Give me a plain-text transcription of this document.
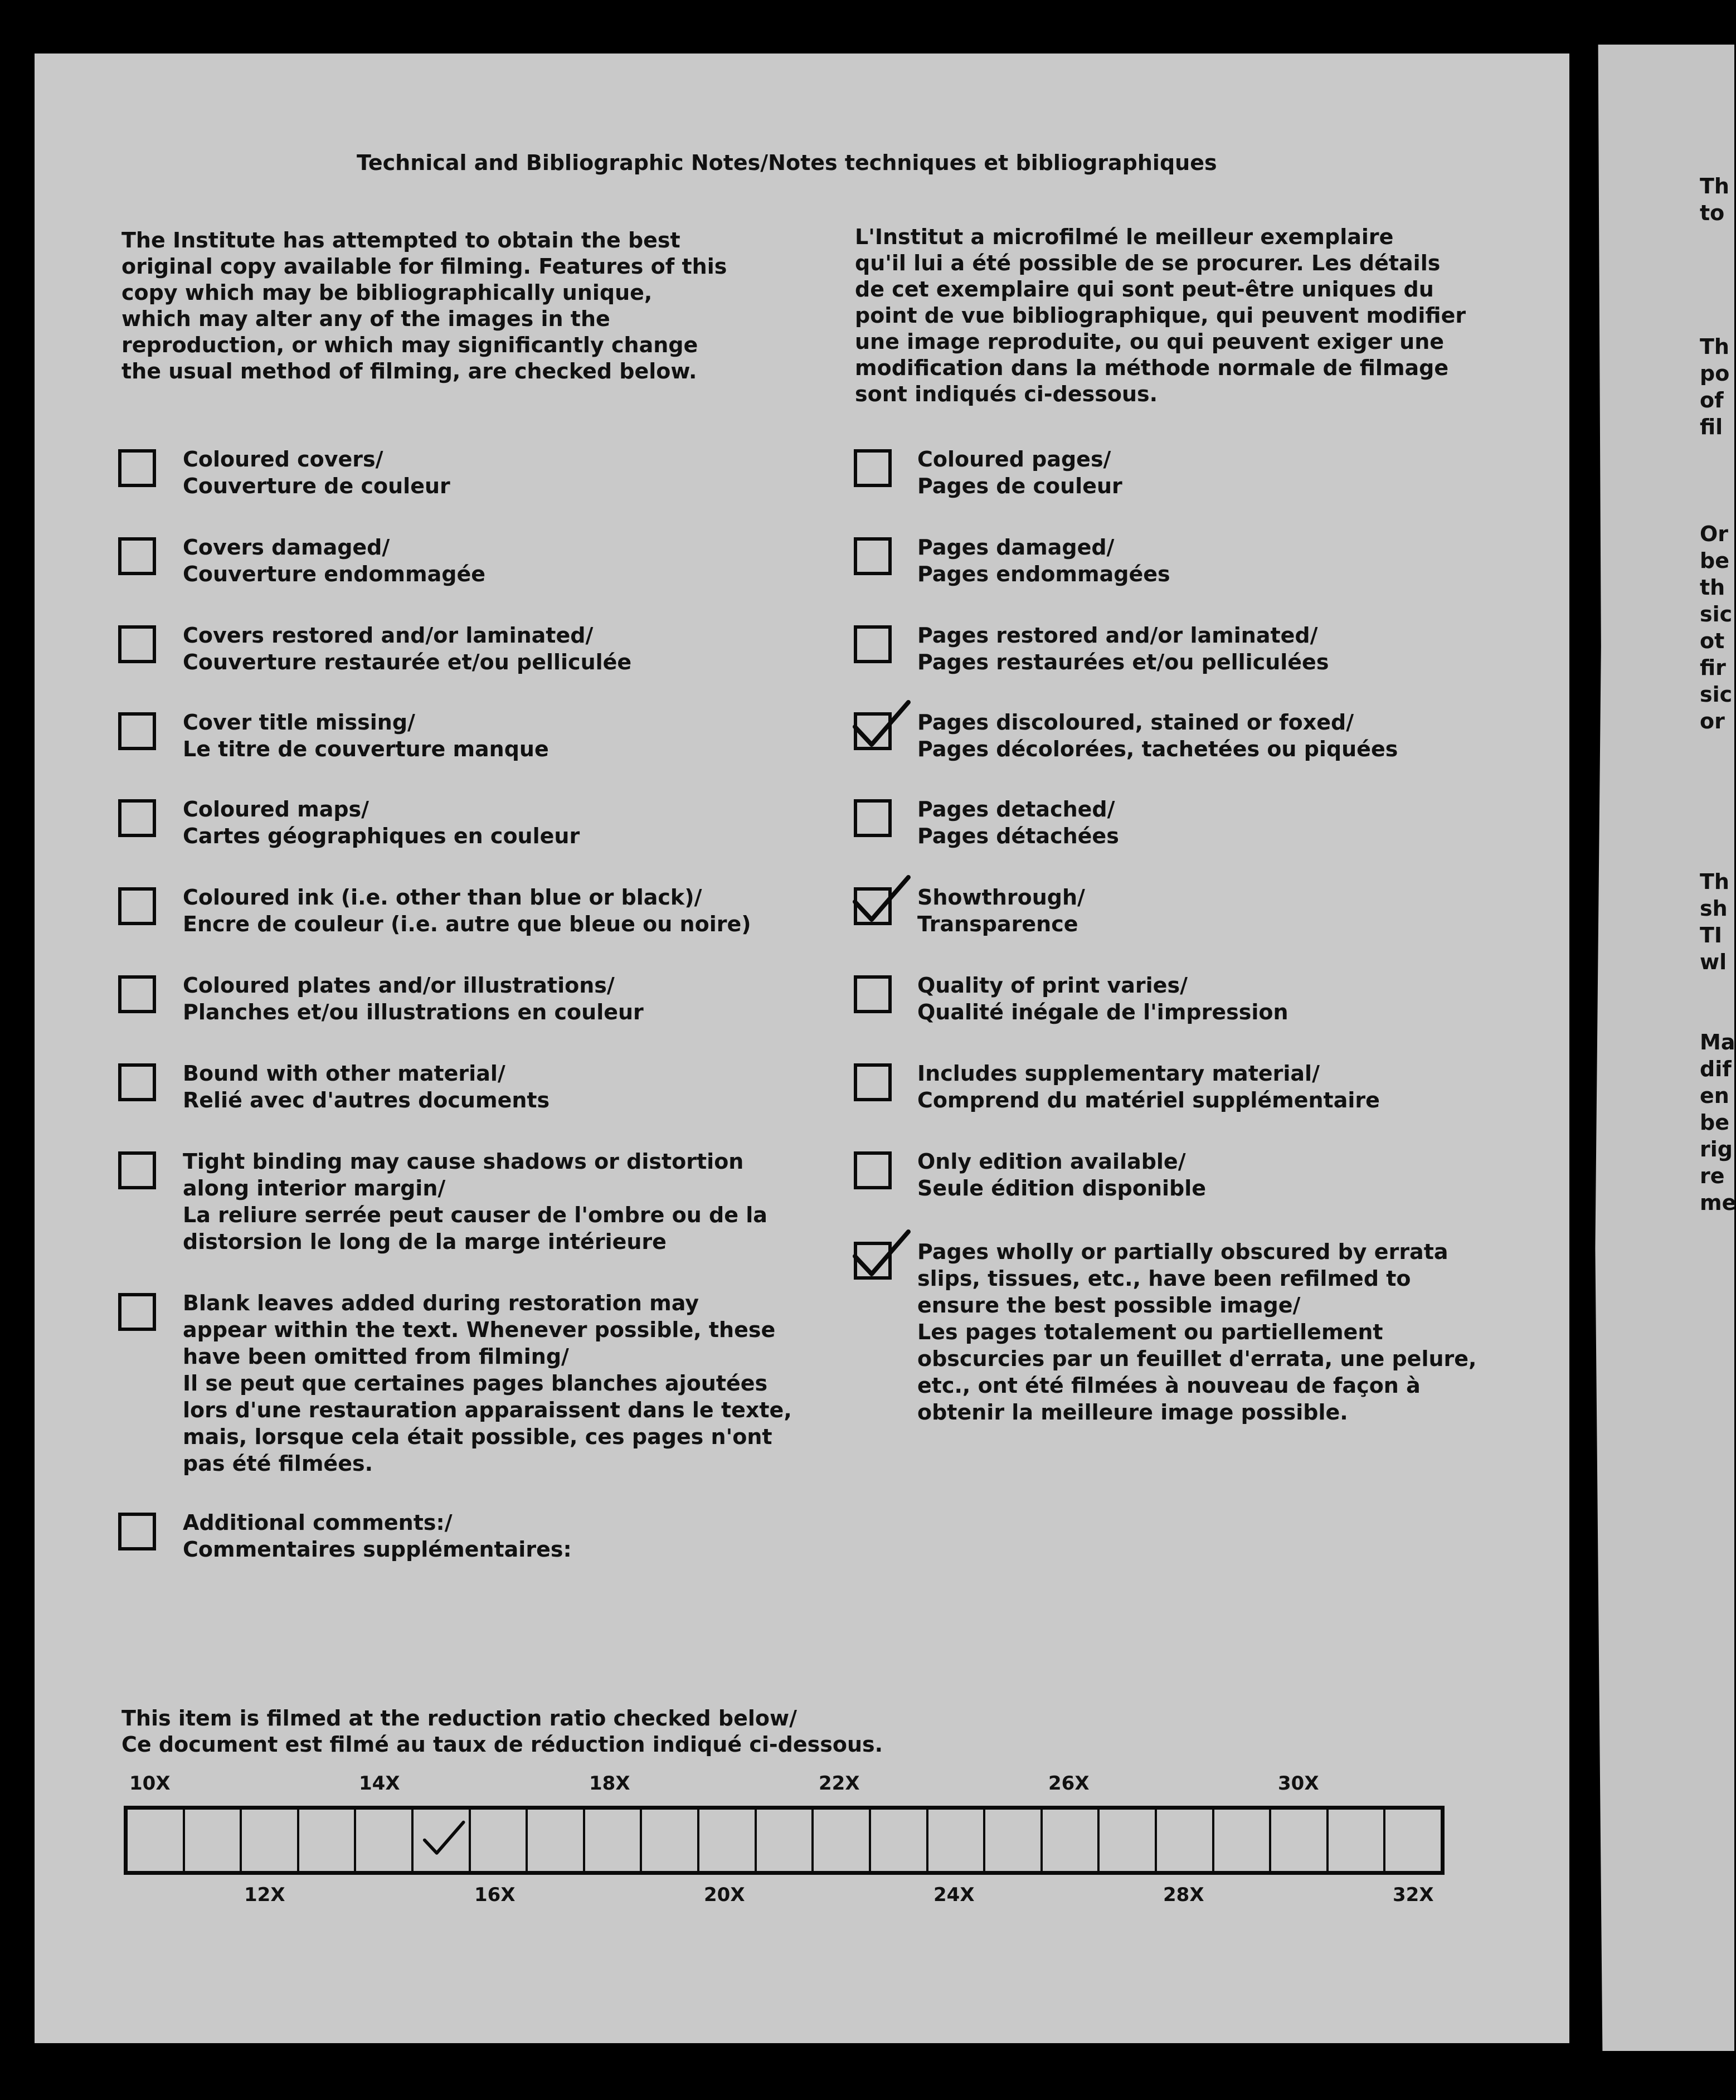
Th
to

Th
po
of
fil

Or
be
th
sic
ot
fir
sic
or

Th
sh
TI
wl

Ma
dif
en
be
rig
re
me
Technical and Bibliographic Notes/Notes techniques et bibliographiques
The Institute has attempted to obtain the best
original copy available for filming. Features of this
copy which may be bibliographically unique,
which may alter any of the images in the
reproduction, or which may significantly change
the usual method of filming, are checked below.
L'Institut a microfilmé le meilleur exemplaire
qu'il lui a été possible de se procurer. Les détails
de cet exemplaire qui sont peut-être uniques du
point de vue bibliographique, qui peuvent modifier
une image reproduite, ou qui peuvent exiger une
modification dans la méthode normale de filmage
sont indiqués ci-dessous.
Coloured covers/
Couverture de couleur
Covers damaged/
Couverture endommagée
Covers restored and/or laminated/
Couverture restaurée et/ou pelliculée
Cover title missing/
Le titre de couverture manque
Coloured maps/
Cartes géographiques en couleur
Coloured ink (i.e. other than blue or black)/
Encre de couleur (i.e. autre que bleue ou noire)
Coloured plates and/or illustrations/
Planches et/ou illustrations en couleur
Bound with other material/
Relié avec d'autres documents
Tight binding may cause shadows or distortion
along interior margin/
La reliure serrée peut causer de l'ombre ou de la
distorsion le long de la marge intérieure
Blank leaves added during restoration may
appear within the text. Whenever possible, these
have been omitted from filming/
Il se peut que certaines pages blanches ajoutées
lors d'une restauration apparaissent dans le texte,
mais, lorsque cela était possible, ces pages n'ont
pas été filmées.
Additional comments:/
Commentaires supplémentaires:
Coloured pages/
Pages de couleur
Pages damaged/
Pages endommagées
Pages restored and/or laminated/
Pages restaurées et/ou pelliculées
Pages discoloured, stained or foxed/
Pages décolorées, tachetées ou piquées
Pages detached/
Pages détachées
Showthrough/
Transparence
Quality of print varies/
Qualité inégale de l'impression
Includes supplementary material/
Comprend du matériel supplémentaire
Only edition available/
Seule édition disponible
Pages wholly or partially obscured by errata
slips, tissues, etc., have been refilmed to
ensure the best possible image/
Les pages totalement ou partiellement
obscurcies par un feuillet d'errata, une pelure,
etc., ont été filmées à nouveau de façon à
obtenir la meilleure image possible.
This item is filmed at the reduction ratio checked below/
Ce document est filmé au taux de réduction indiqué ci-dessous.
10X	14X	18X	22X	26X	30X
12X	16X	20X	24X	28X	32X
